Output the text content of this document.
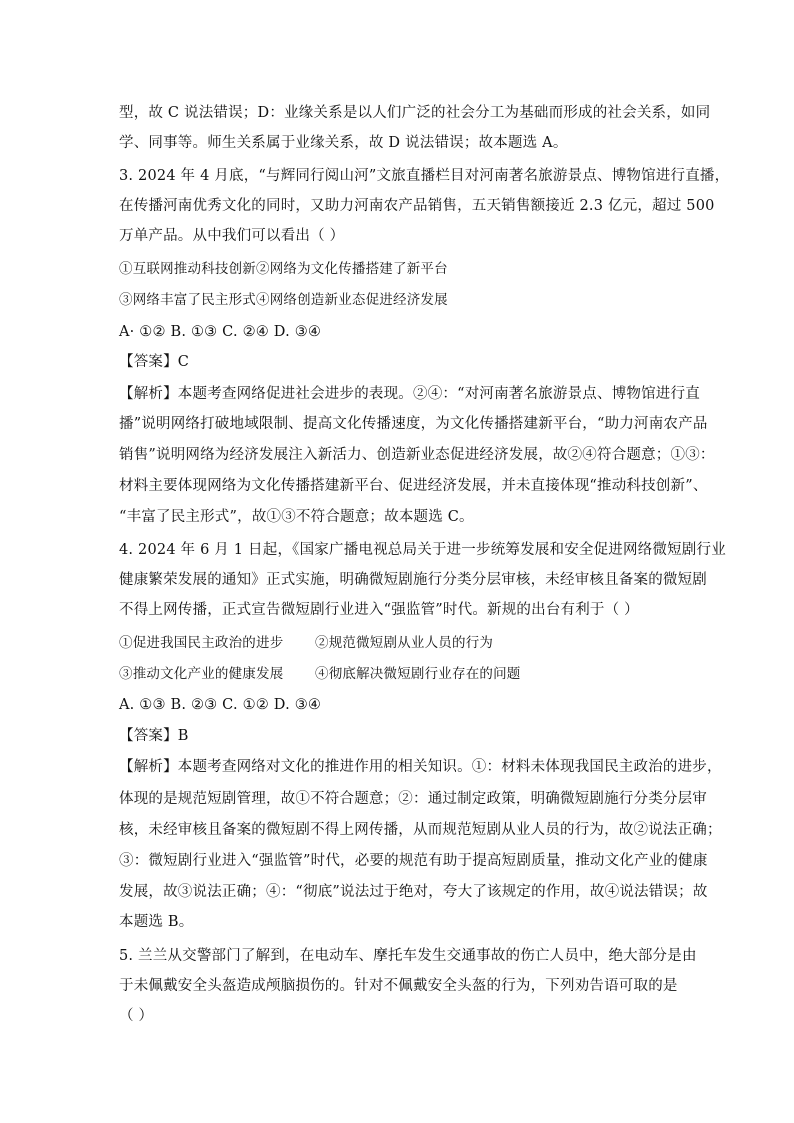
型，故 C 说法错误；D：业缘关系是以人们广泛的社会分工为基础而形成的社会关系，如同
学、同事等。师生关系属于业缘关系，故 D 说法错误；故本题选 A。
3. 2024 年 4 月底，“与辉同行阅山河”文旅直播栏目对河南著名旅游景点、博物馆进行直播，
在传播河南优秀文化的同时，又助力河南农产品销售，五天销售额接近 2.3 亿元，超过 500
万单产品。从中我们可以看出（ ）
①互联网推动科技创新②网络为文化传播搭建了新平台
③网络丰富了民主形式④网络创造新业态促进经济发展
A· ①② B. ①③ C. ②④ D. ③④
【答案】C
【解析】本题考查网络促进社会进步的表现。②④：“对河南著名旅游景点、博物馆进行直
播”说明网络打破地域限制、提高文化传播速度，为文化传播搭建新平台，“助力河南农产品
销售”说明网络为经济发展注入新活力、创造新业态促进经济发展，故②④符合题意；①③：
材料主要体现网络为文化传播搭建新平台、促进经济发展，并未直接体现“推动科技创新”、
“丰富了民主形式”，故①③不符合题意；故本题选 C。
4. 2024 年 6 月 1 日起，《国家广播电视总局关于进一步统筹发展和安全促进网络微短剧行业
健康繁荣发展的通知》正式实施，明确微短剧施行分类分层审核，未经审核且备案的微短剧
不得上网传播，正式宣告微短剧行业进入“强监管”时代。新规的出台有利于（ ）
①促进我国民主政治的进步 ②规范微短剧从业人员的行为
③推动文化产业的健康发展 ④彻底解决微短剧行业存在的问题
A. ①③ B. ②③ C. ①② D. ③④
【答案】B
【解析】本题考查网络对文化的推进作用的相关知识。①：材料未体现我国民主政治的进步，
体现的是规范短剧管理，故①不符合题意；②：通过制定政策，明确微短剧施行分类分层审
核，未经审核且备案的微短剧不得上网传播，从而规范短剧从业人员的行为，故②说法正确；
③：微短剧行业进入“强监管”时代，必要的规范有助于提高短剧质量，推动文化产业的健康
发展，故③说法正确；④：“彻底”说法过于绝对，夸大了该规定的作用，故④说法错误；故
本题选 B。
5. 兰兰从交警部门了解到，在电动车、摩托车发生交通事故的伤亡人员中，绝大部分是由
于未佩戴安全头盔造成颅脑损伤的。针对不佩戴安全头盔的行为，下列劝告语可取的是
（ ）
